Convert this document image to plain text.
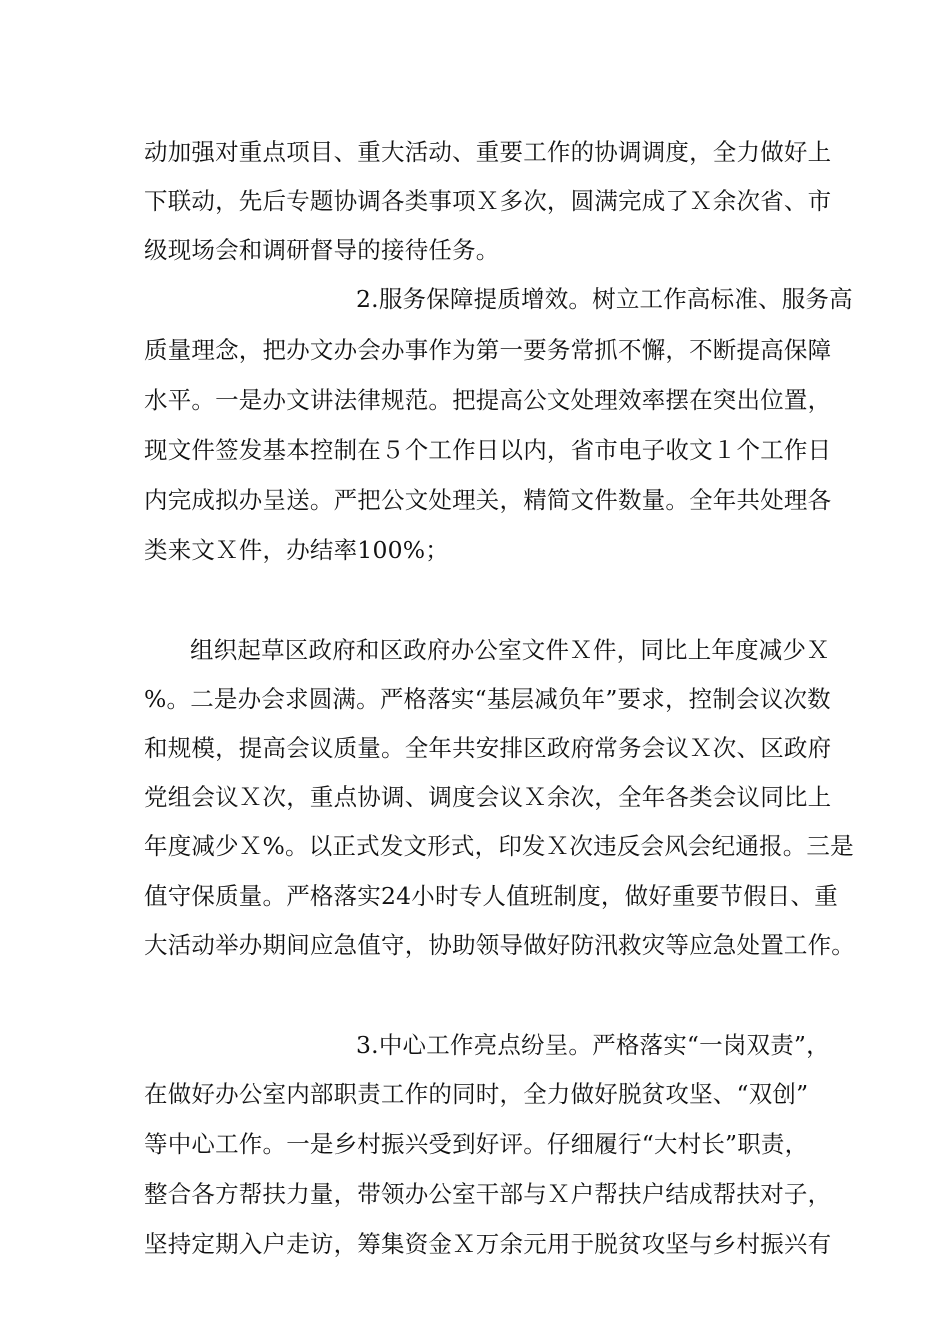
动加强对重点项目、重大活动、重要工作的协调调度，全力做好上
下联动，先后专题协调各类事项Ｘ多次，圆满完成了Ｘ余次省、市
级现场会和调研督导的接待任务。
2.服务保障提质增效。树立工作高标准、服务高
质量理念，把办文办会办事作为第一要务常抓不懈，不断提高保障
水平。一是办文讲法律规范。把提高公文处理效率摆在突出位置，
现文件签发基本控制在５个工作日以内，省市电子收文１个工作日
内完成拟办呈送。严把公文处理关，精简文件数量。全年共处理各
类来文Ｘ件，办结率100%；
组织起草区政府和区政府办公室文件Ｘ件，同比上年度减少Ｘ
%。二是办会求圆满。严格落实“基层减负年”要求，控制会议次数
和规模，提高会议质量。全年共安排区政府常务会议Ｘ次、区政府
党组会议Ｘ次，重点协调、调度会议Ｘ余次，全年各类会议同比上
年度减少Ｘ%。以正式发文形式，印发Ｘ次违反会风会纪通报。三是
值守保质量。严格落实24小时专人值班制度，做好重要节假日、重
大活动举办期间应急值守，协助领导做好防汛救灾等应急处置工作。
3.中心工作亮点纷呈。严格落实“一岗双责”，
在做好办公室内部职责工作的同时，全力做好脱贫攻坚、“双创”
等中心工作。一是乡村振兴受到好评。仔细履行“大村长”职责，
整合各方帮扶力量，带领办公室干部与Ｘ户帮扶户结成帮扶对子，
坚持定期入户走访，筹集资金Ｘ万余元用于脱贫攻坚与乡村振兴有
